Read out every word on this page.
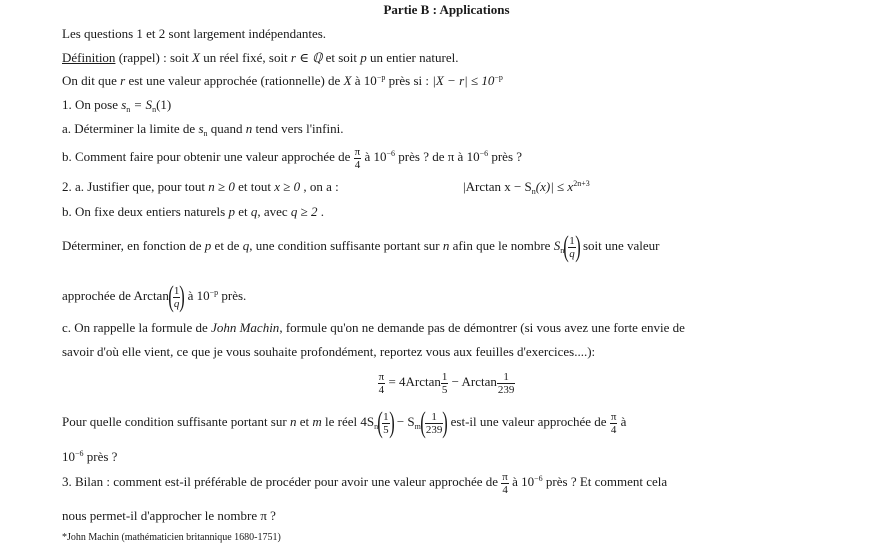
Partie B : Applications
Les questions 1 et 2 sont largement indépendantes.
Définition (rappel) : soit X un réel fixé, soit r ∈ ℚ et soit p un entier naturel.
On dit que r est une valeur approchée (rationnelle) de X à $10^{-p}$ près si : $|X - r| \le 10^{-p}$
1. On pose $s_n = S_n(1)$
a. Déterminer la limite de $s_n$ quand n tend vers l'infini.
b. Comment faire pour obtenir une valeur approchée de $\frac{\pi}{4}$ à $10^{-6}$ près ? de π à $10^{-6}$ près ?
2. a. Justifier que, pour tout n ≥ 0 et tout x ≥ 0 , on a :	|Arctan $x - S_n(x)| \le x^{2n+3}$
b. On fixe deux entiers naturels p et q, avec q ≥ 2 .
Déterminer, en fonction de p et de q, une condition suffisante portant sur n afin que le nombre $S_n( \frac{1}{q}$ ) soit une valeur
approchée de $Arctan( \frac{1}{q}$ ) à $10^{-p}$ près.
c. On rappelle la formule de John Machin, formule qu'on ne demande pas de démontrer (si vous avez une forte envie de
savoir d'où elle vient, ce que je vous souhaite profondément, reportez vous aux feuilles d'exercices....):
$\frac{\pi}{4} = 4Arctan \frac{1}{5} - Arctan \frac{1}{239}$
Pour quelle condition suffisante portant sur n et m le réel $4S_n( \frac{1}{5}$ ) − $S_m( \frac{1}{239}$ ) est-il une valeur approchée de $\frac{\pi}{4}$ à
$10^{-6}$ près ?
3. Bilan : comment est-il préférable de procéder pour avoir une valeur approchée de $\frac{\pi}{4}$ à $10^{-6}$ près ? Et comment cela
nous permet-il d'approcher le nombre π ?
*John Machin (mathématicien britannique 1680-1751)
